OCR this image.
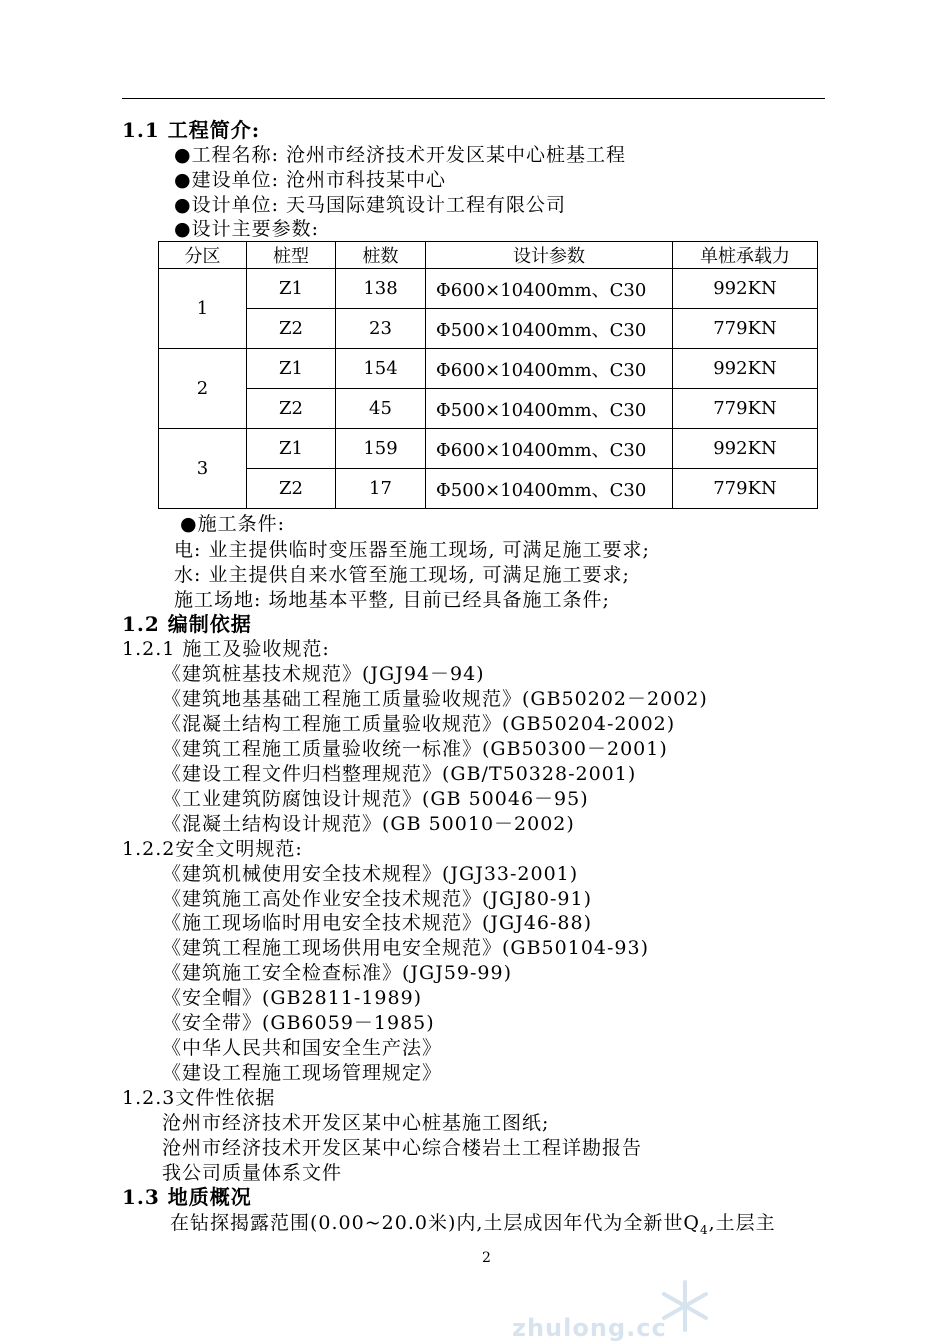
1.1 工程简介:
●工程名称: 沧州市经济技术开发区某中心桩基工程
●建设单位: 沧州市科技某中心
●设计单位: 天马国际建筑设计工程有限公司
●设计主要参数:
分区	桩型	桩数	设计参数	单桩承载力
1	Z1	138	Φ600×10400mm、C30	992KN
	Z2	23	Φ500×10400mm、C30	779KN
2	Z1	154	Φ600×10400mm、C30	992KN
	Z2	45	Φ500×10400mm、C30	779KN
3	Z1	159	Φ600×10400mm、C30	992KN
	Z2	17	Φ500×10400mm、C30	779KN
●施工条件:
电: 业主提供临时变压器至施工现场, 可满足施工要求;
水: 业主提供自来水管至施工现场, 可满足施工要求;
施工场地: 场地基本平整, 目前已经具备施工条件;
1.2 编制依据
1.2.1 施工及验收规范:
《建筑桩基技术规范》(JGJ94－94)
《建筑地基基础工程施工质量验收规范》(GB50202－2002)
《混凝土结构工程施工质量验收规范》(GB50204-2002)
《建筑工程施工质量验收统一标准》(GB50300－2001)
《建设工程文件归档整理规范》(GB/T50328-2001)
《工业建筑防腐蚀设计规范》(GB 50046－95)
《混凝土结构设计规范》(GB 50010－2002)
1.2.2安全文明规范:
《建筑机械使用安全技术规程》(JGJ33-2001)
《建筑施工高处作业安全技术规范》(JGJ80-91)
《施工现场临时用电安全技术规范》(JGJ46-88)
《建筑工程施工现场供用电安全规范》(GB50104-93)
《建筑施工安全检查标准》(JGJ59-99)
《安全帽》(GB2811-1989)
《安全带》(GB6059－1985)
《中华人民共和国安全生产法》
《建设工程施工现场管理规定》
1.2.3文件性依据
沧州市经济技术开发区某中心桩基施工图纸;
沧州市经济技术开发区某中心综合楼岩土工程详勘报告
我公司质量体系文件
1.3 地质概况
在钻探揭露范围(0.00~20.0米)内,土层成因年代为全新世$Q_4$,土层主
2
zhulong.cc
